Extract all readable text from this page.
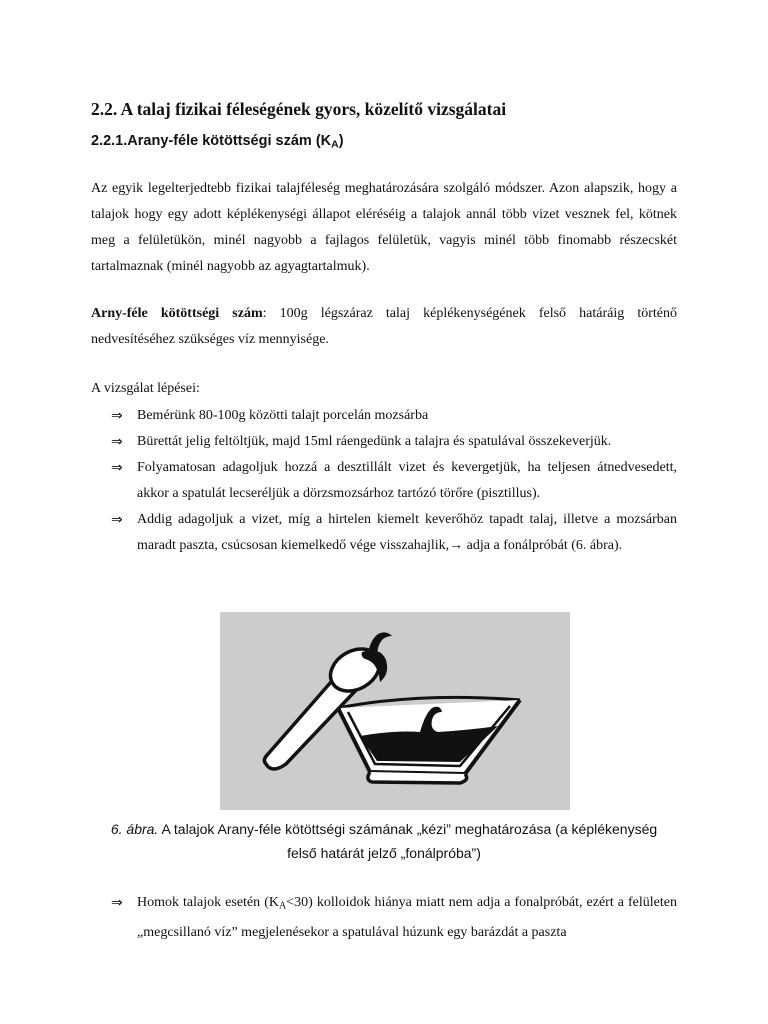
2.2. A talaj fizikai féleségének gyors, közelítő vizsgálatai
2.2.1.Arany-féle kötöttségi szám $(K_A)$
Az egyik legelterjedtebb fizikai talajféleség meghatározására szolgáló módszer. Azon alapszik, hogy a talajok hogy egy adott képlékenységi állapot eléréséig a talajok annál több vizet vesznek fel, kötnek meg a felületükön, minél nagyobb a fajlagos felületük, vagyis minél több finomabb részecskét tartalmaznak (minél nagyobb az agyagtartalmuk).
Arny-féle kötöttségi szám: 100g légszáraz talaj képlékenységének felső határáig történő nedvesítéséhez szükséges víz mennyisége.
A vizsgálat lépései:
⇒	Bemérünk 80-100g közötti talajt porcelán mozsárba
⇒	Bürettát jelig feltöltjük, majd 15ml ráengedünk a talajra és spatulával összekeverjük.
⇒	Folyamatosan adagoljuk hozzá a desztillált vizet és kevergetjük, ha teljesen átnedvesedett, akkor a spatulát lecseréljük a dörzsmozsárhoz tartózó törőre (pisztillus).
⇒	Addig adagoljuk a vizet, míg a hirtelen kiemelt keverőhöz tapadt talaj, illetve a mozsárban maradt paszta, csúcsosan kiemelkedő vége visszahajlik,→ adja a fonálpróbát (6. ábra).
6. ábra. A talajok Arany-féle kötöttségi számának „kézi” meghatározása (a képlékenység felső határát jelző „fonálpróba”)
⇒	Homok talajok esetén $(K_A<30)$ kolloidok hiánya miatt nem adja a fonalpróbát, ezért a felületen „megcsillanó víz” megjelenésekor a spatulával húzunk egy barázdát a paszta
